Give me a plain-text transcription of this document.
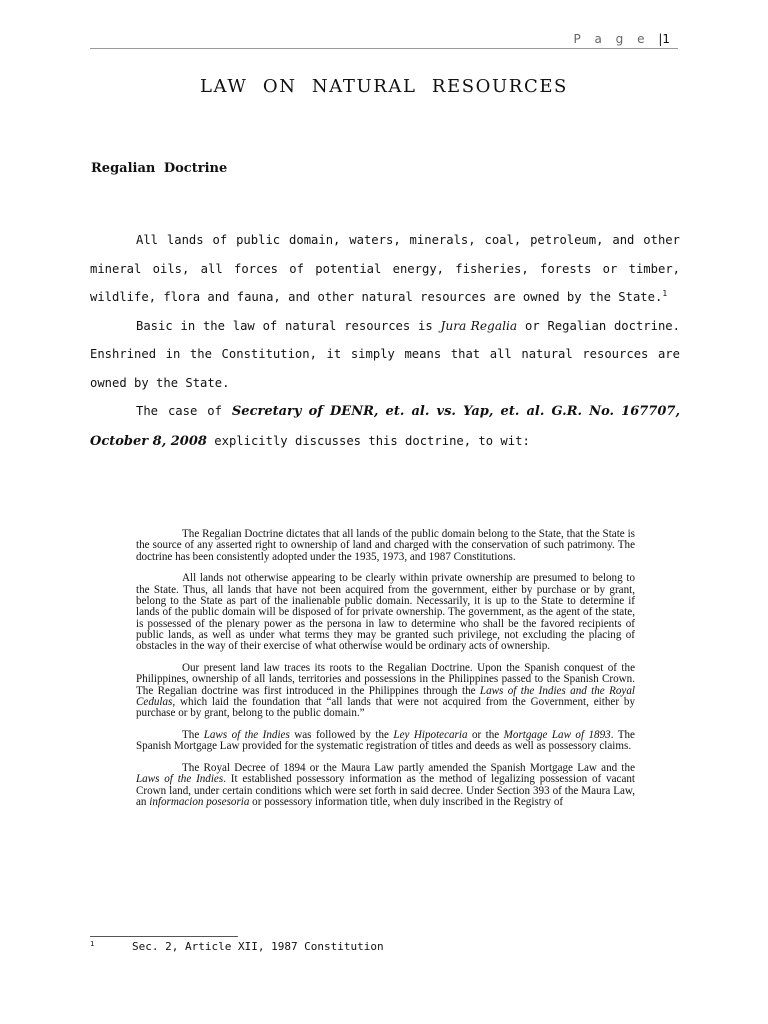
P a g e |1
LAW ON NATURAL RESOURCES
Regalian Doctrine

All lands of public domain, waters, minerals, coal, petroleum, and other mineral oils, all forces of potential energy, fisheries, forests or timber, wildlife, flora and fauna, and other natural resources are owned by the State.$^1$

Basic in the law of natural resources is Jura Regalia or Regalian doctrine. Enshrined in the Constitution, it simply means that all natural resources are owned by the State.

The case of Secretary of DENR, et. al. vs. Yap, et. al. G.R. No. 167707, October 8, 2008 explicitly discusses this doctrine, to wit:

The Regalian Doctrine dictates that all lands of the public domain belong to the State, that the State is the source of any asserted right to ownership of land and charged with the conservation of such patrimony. The doctrine has been consistently adopted under the 1935, 1973, and 1987 Constitutions.

All lands not otherwise appearing to be clearly within private ownership are presumed to belong to the State. Thus, all lands that have not been acquired from the government, either by purchase or by grant, belong to the State as part of the inalienable public domain. Necessarily, it is up to the State to determine if lands of the public domain will be disposed of for private ownership. The government, as the agent of the state, is possessed of the plenary power as the persona in law to determine who shall be the favored recipients of public lands, as well as under what terms they may be granted such privilege, not excluding the placing of obstacles in the way of their exercise of what otherwise would be ordinary acts of ownership.

Our present land law traces its roots to the Regalian Doctrine. Upon the Spanish conquest of the Philippines, ownership of all lands, territories and possessions in the Philippines passed to the Spanish Crown. The Regalian doctrine was first introduced in the Philippines through the Laws of the Indies and the Royal Cedulas, which laid the foundation that “all lands that were not acquired from the Government, either by purchase or by grant, belong to the public domain.”

The Laws of the Indies was followed by the Ley Hipotecaria or the Mortgage Law of 1893. The Spanish Mortgage Law provided for the systematic registration of titles and deeds as well as possessory claims.

The Royal Decree of 1894 or the Maura Law partly amended the Spanish Mortgage Law and the Laws of the Indies. It established possessory information as the method of legalizing possession of vacant Crown land, under certain conditions which were set forth in said decree. Under Section 393 of the Maura Law, an informacion posesoria or possessory information title, when duly inscribed in the Registry of

1	Sec. 2, Article XII, 1987 Constitution
